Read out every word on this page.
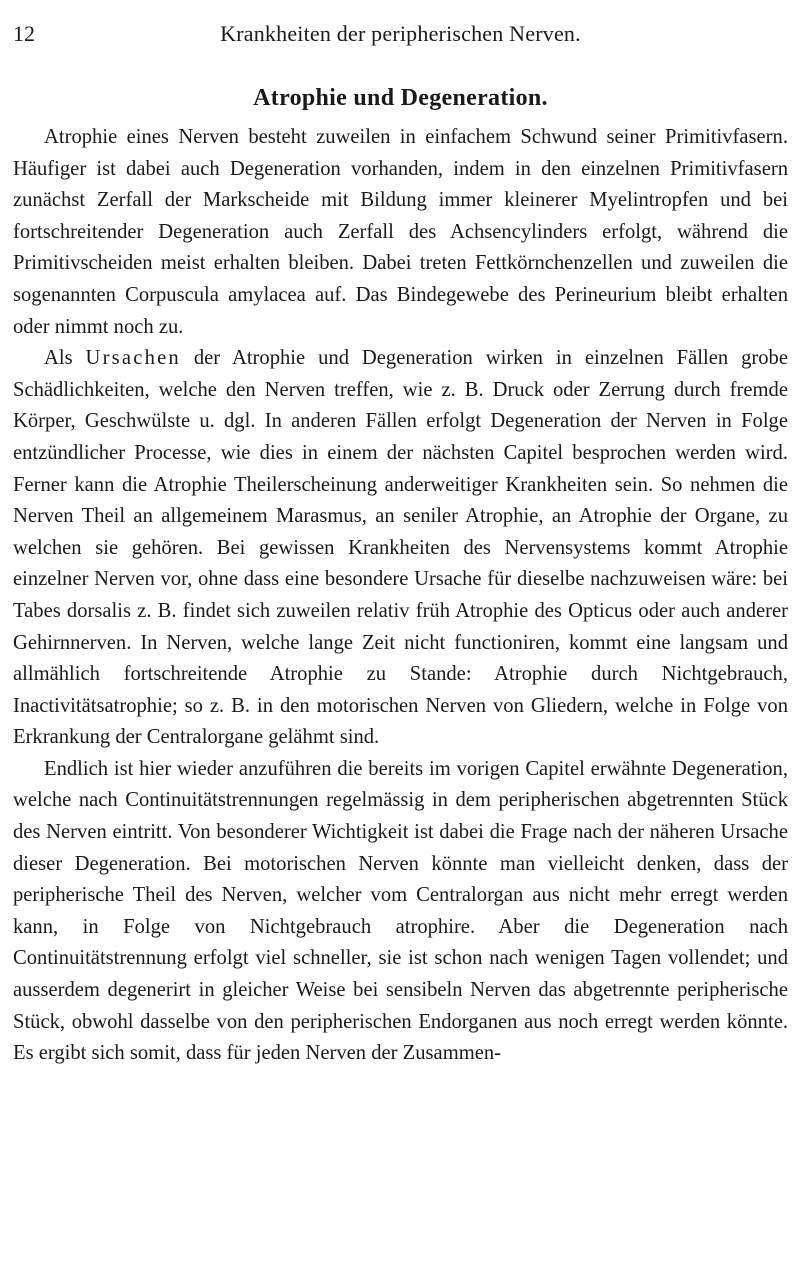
12	Krankheiten der peripherischen Nerven.
Atrophie und Degeneration.

Atrophie eines Nerven besteht zuweilen in einfachem Schwund seiner Primitivfasern. Häufiger ist dabei auch Degeneration vorhanden, indem in den einzelnen Primitivfasern zunächst Zerfall der Markscheide mit Bildung immer kleinerer Myelintropfen und bei fortschreitender Degeneration auch Zerfall des Achsencylinders erfolgt, während die Primitivscheiden meist erhalten bleiben. Dabei treten Fettkörnchenzellen und zuweilen die sogenannten Corpuscula amylacea auf. Das Bindegewebe des Perineurium bleibt erhalten oder nimmt noch zu.

Als Ursachen der Atrophie und Degeneration wirken in einzelnen Fällen grobe Schädlichkeiten, welche den Nerven treffen, wie z. B. Druck oder Zerrung durch fremde Körper, Geschwülste u. dgl. In anderen Fällen erfolgt Degeneration der Nerven in Folge entzündlicher Processe, wie dies in einem der nächsten Capitel besprochen werden wird. Ferner kann die Atrophie Theilerscheinung anderweitiger Krankheiten sein. So nehmen die Nerven Theil an allgemeinem Marasmus, an seniler Atrophie, an Atrophie der Organe, zu welchen sie gehören. Bei gewissen Krankheiten des Nervensystems kommt Atrophie einzelner Nerven vor, ohne dass eine besondere Ursache für dieselbe nachzuweisen wäre: bei Tabes dorsalis z. B. findet sich zuweilen relativ früh Atrophie des Opticus oder auch anderer Gehirnnerven. In Nerven, welche lange Zeit nicht functioniren, kommt eine langsam und allmählich fortschreitende Atrophie zu Stande: Atrophie durch Nichtgebrauch, Inactivitätsatrophie; so z. B. in den motorischen Nerven von Gliedern, welche in Folge von Erkrankung der Centralorgane gelähmt sind.

Endlich ist hier wieder anzuführen die bereits im vorigen Capitel erwähnte Degeneration, welche nach Continuitätstrennungen regelmässig in dem peripherischen abgetrennten Stück des Nerven eintritt. Von besonderer Wichtigkeit ist dabei die Frage nach der näheren Ursache dieser Degeneration. Bei motorischen Nerven könnte man vielleicht denken, dass der peripherische Theil des Nerven, welcher vom Centralorgan aus nicht mehr erregt werden kann, in Folge von Nichtgebrauch atrophire. Aber die Degeneration nach Continuitätstrennung erfolgt viel schneller, sie ist schon nach wenigen Tagen vollendet; und ausserdem degenerirt in gleicher Weise bei sensibeln Nerven das abgetrennte peripherische Stück, obwohl dasselbe von den peripherischen Endorganen aus noch erregt werden könnte. Es ergibt sich somit, dass für jeden Nerven der Zusammen-
